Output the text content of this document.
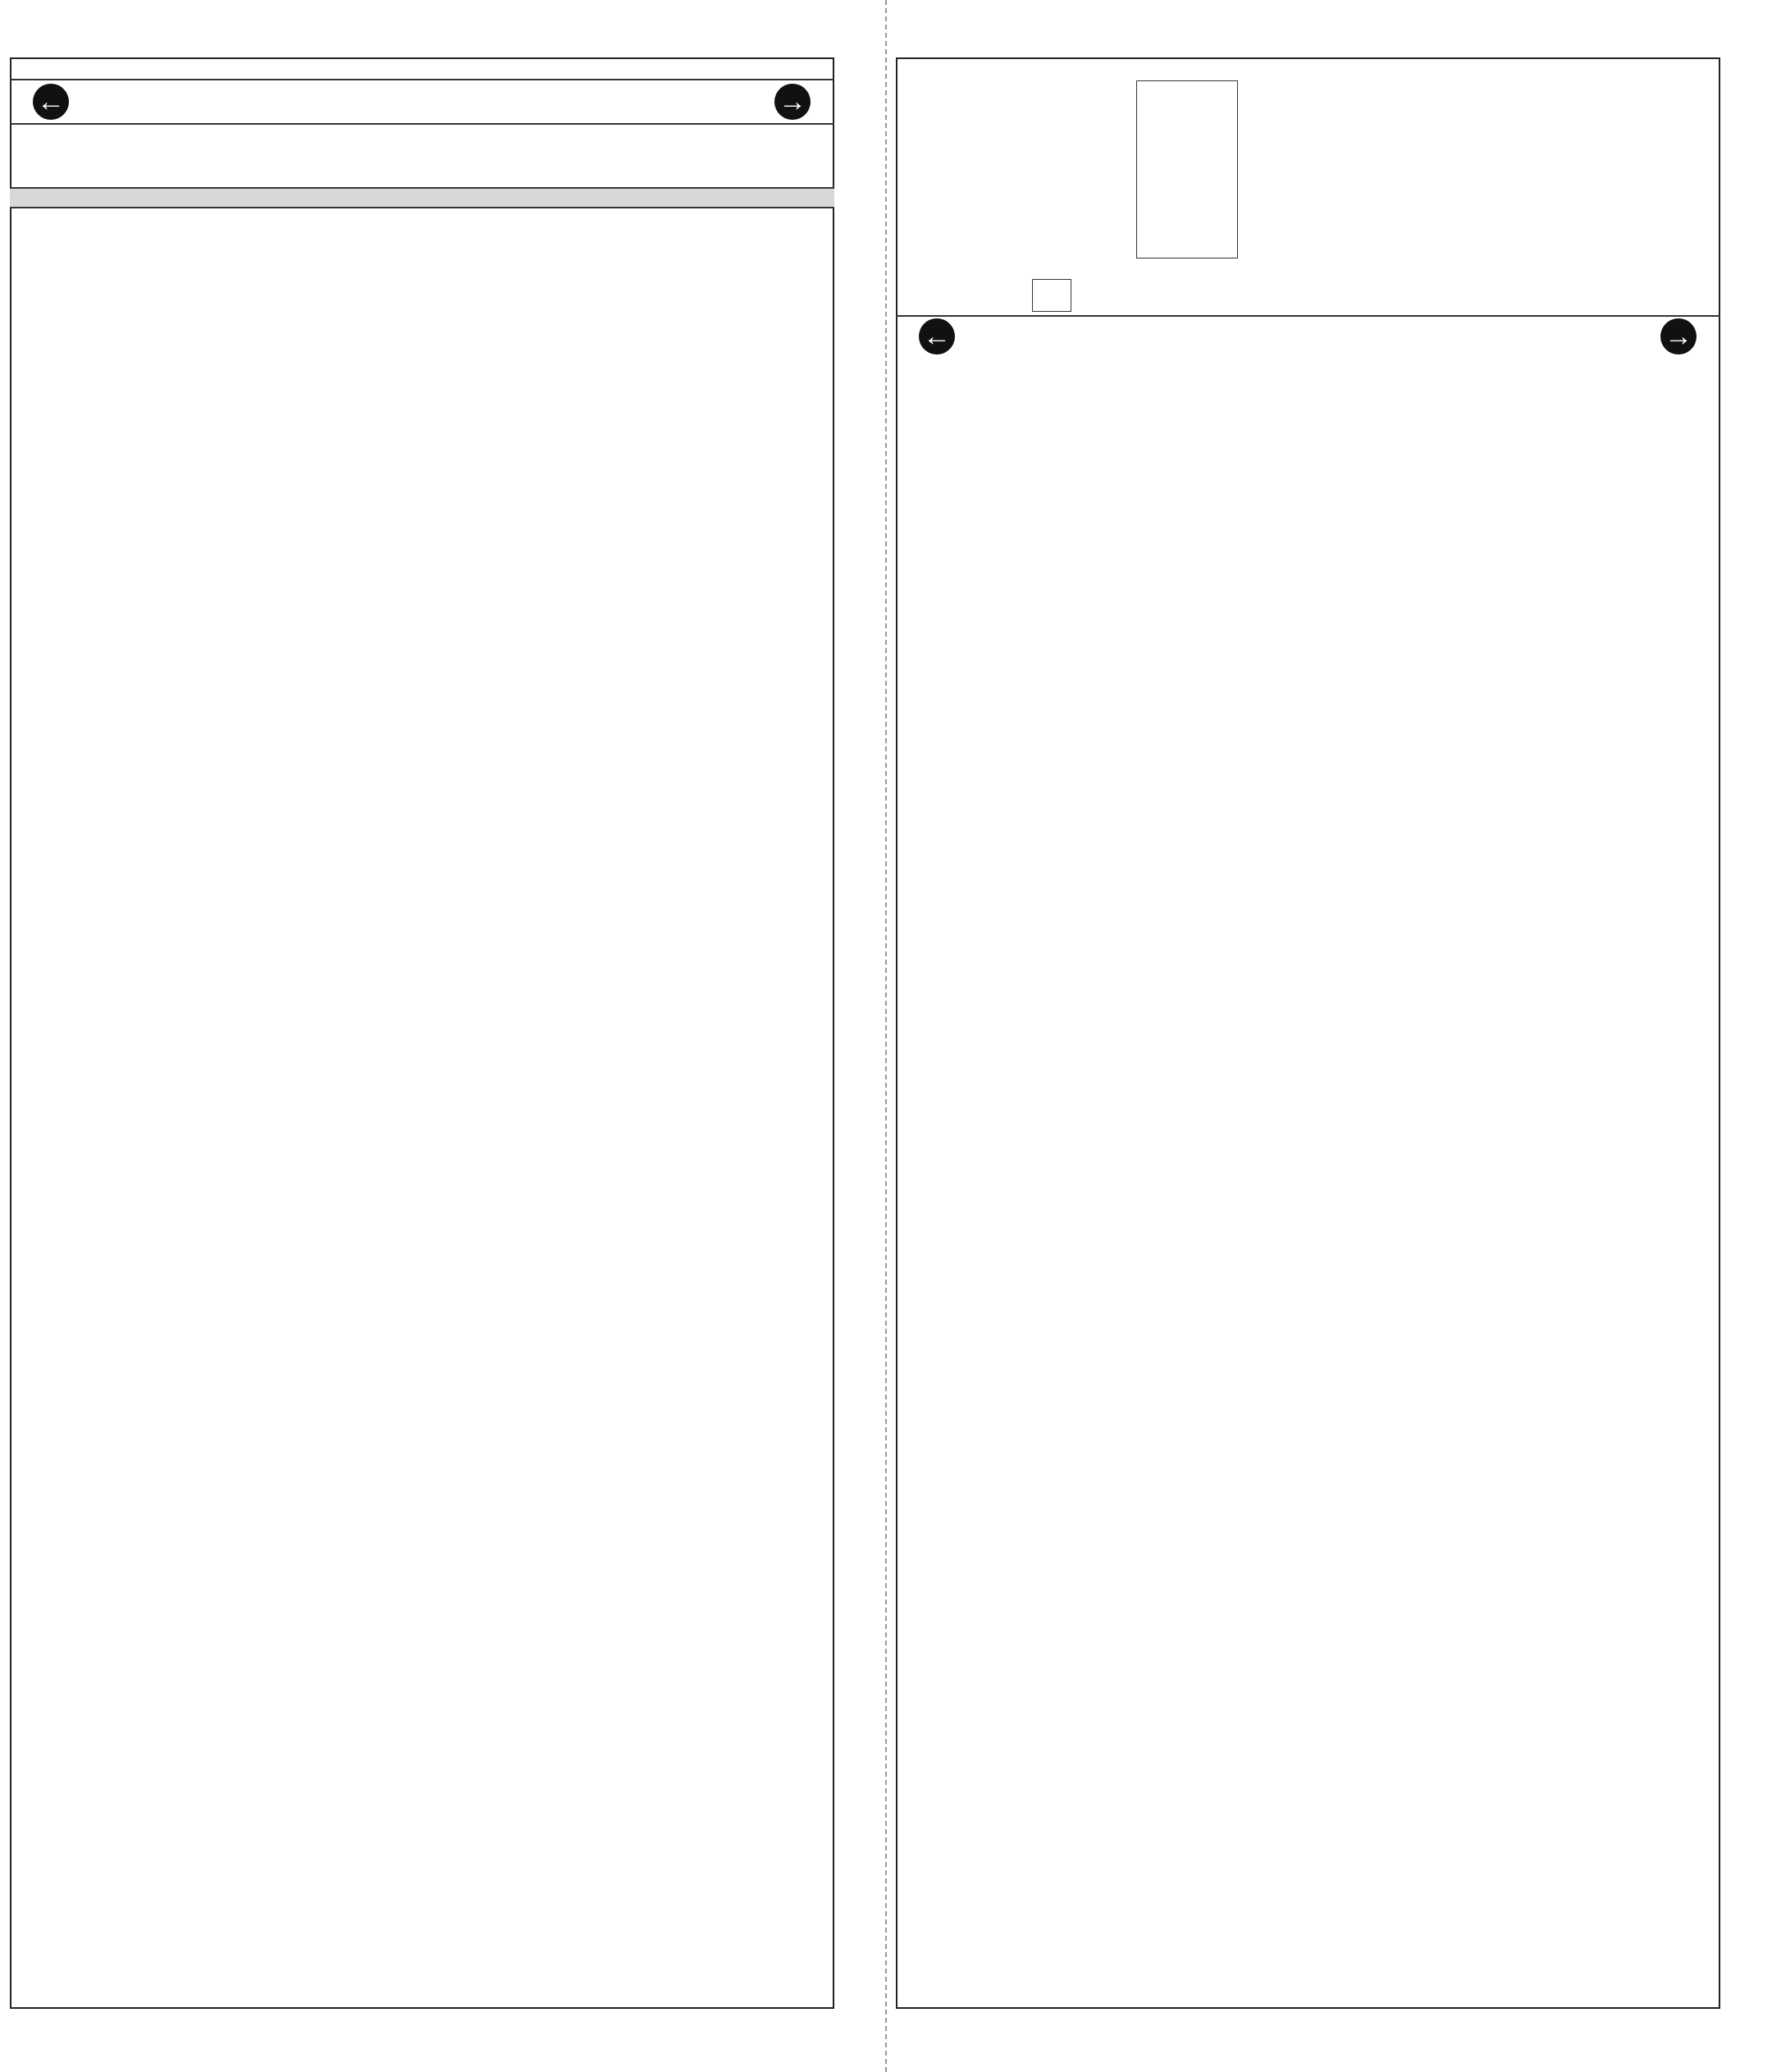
←	→
←	→
